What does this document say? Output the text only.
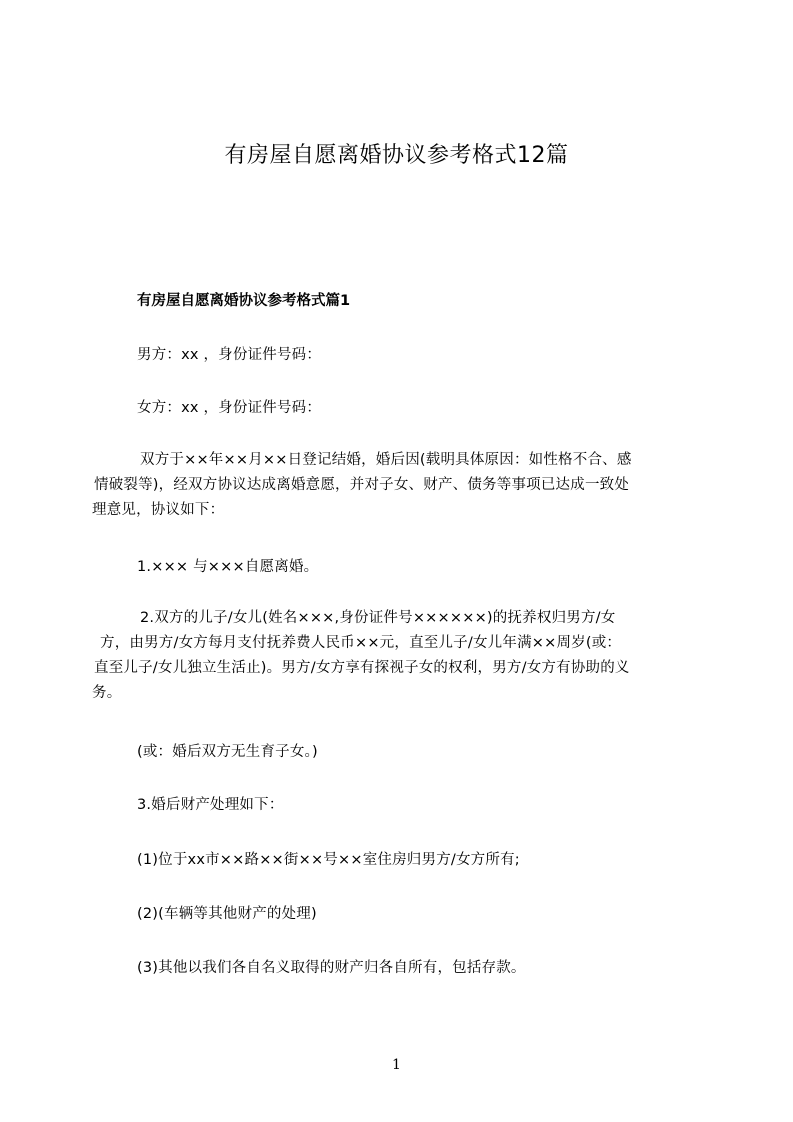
有房屋自愿离婚协议参考格式12篇
有房屋自愿离婚协议参考格式篇1

男方：xx ，身份证件号码：

女方：xx ，身份证件号码：

双方于××年××月××日登记结婚，婚后因(载明具体原因：如性格不合、感
情破裂等)，经双方协议达成离婚意愿，并对子女、财产、债务等事项已达成一致处
理意见，协议如下：

1.××× 与×××自愿离婚。

2.双方的儿子/女儿(姓名×××,身份证件号××××××)的抚养权归男方/女
方，由男方/女方每月支付抚养费人民币××元，直至儿子/女儿年满××周岁(或：
直至儿子/女儿独立生活止)。男方/女方享有探视子女的权利，男方/女方有协助的义
务。

(或：婚后双方无生育子女。)

3.婚后财产处理如下：

(1)位于xx市××路××街××号××室住房归男方/女方所有;

(2)(车辆等其他财产的处理)

(3)其他以我们各自名义取得的财产归各自所有，包括存款。

1
